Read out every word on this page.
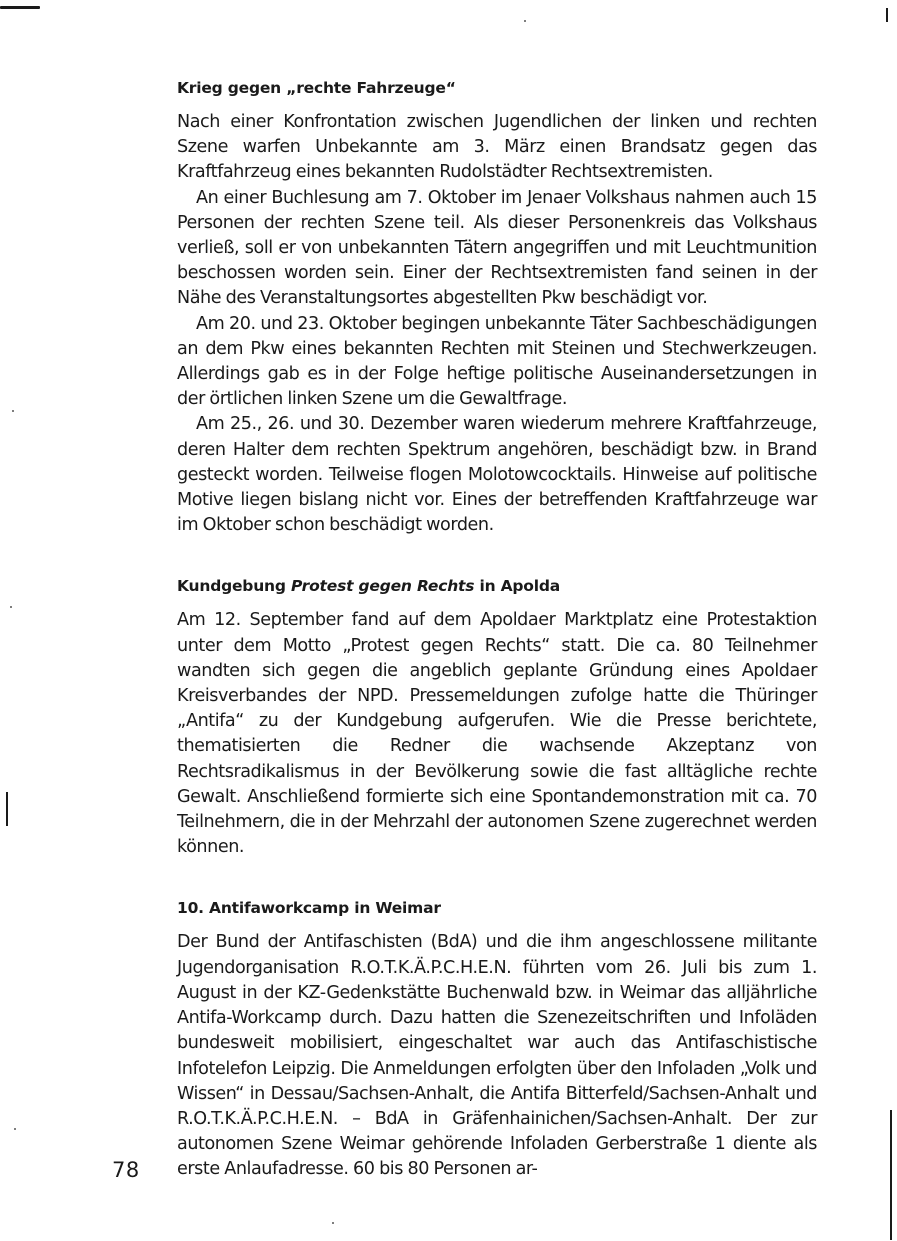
Krieg gegen „rechte Fahrzeuge“

Nach einer Konfrontation zwischen Jugendlichen der linken und rechten Szene warfen Unbekannte am 3. März einen Brandsatz gegen das Kraftfahrzeug eines bekannten Rudolstädter Rechtsextremisten.

An einer Buchlesung am 7. Oktober im Jenaer Volkshaus nahmen auch 15 Personen der rechten Szene teil. Als dieser Personenkreis das Volkshaus verließ, soll er von unbekannten Tätern angegriffen und mit Leuchtmunition beschossen worden sein. Einer der Rechtsextremisten fand seinen in der Nähe des Veranstaltungsortes abgestellten Pkw beschädigt vor.

Am 20. und 23. Oktober begingen unbekannte Täter Sachbeschädigungen an dem Pkw eines bekannten Rechten mit Steinen und Stechwerkzeugen. Allerdings gab es in der Folge heftige politische Auseinandersetzungen in der örtlichen linken Szene um die Gewaltfrage.

Am 25., 26. und 30. Dezember waren wiederum mehrere Kraftfahrzeuge, deren Halter dem rechten Spektrum angehören, beschädigt bzw. in Brand gesteckt worden. Teilweise flogen Molotowcocktails. Hinweise auf politische Motive liegen bislang nicht vor. Eines der betreffenden Kraftfahrzeuge war im Oktober schon beschädigt worden.

Kundgebung Protest gegen Rechts in Apolda

Am 12. September fand auf dem Apoldaer Marktplatz eine Protestaktion unter dem Motto „Protest gegen Rechts“ statt. Die ca. 80 Teilnehmer wandten sich gegen die angeblich geplante Gründung eines Apoldaer Kreisverbandes der NPD. Pressemeldungen zufolge hatte die Thüringer „Antifa“ zu der Kundgebung aufgerufen. Wie die Presse berichtete, thematisierten die Redner die wachsende Akzeptanz von Rechtsradikalismus in der Bevölkerung sowie die fast alltägliche rechte Gewalt. Anschließend formierte sich eine Spontandemonstration mit ca. 70 Teilnehmern, die in der Mehrzahl der autonomen Szene zugerechnet werden können.

10. Antifaworkcamp in Weimar

Der Bund der Antifaschisten (BdA) und die ihm angeschlossene militante Jugendorganisation R.O.T.K.Ä.P.C.H.E.N. führten vom 26. Juli bis zum 1. August in der KZ-Gedenkstätte Buchenwald bzw. in Weimar das alljährliche Antifa-Workcamp durch. Dazu hatten die Szenezeitschriften und Infoläden bundesweit mobilisiert, eingeschaltet war auch das Antifaschistische Infotelefon Leipzig. Die Anmeldungen erfolgten über den Infoladen „Volk und Wissen“ in Dessau/Sachsen-Anhalt, die Antifa Bitterfeld/Sachsen-Anhalt und R.O.T.K.Ä.P.C.H.E.N. – BdA in Gräfenhainichen/Sachsen-Anhalt. Der zur autonomen Szene Weimar gehörende Infoladen Gerberstraße 1 diente als erste Anlaufadresse. 60 bis 80 Personen ar-

78
